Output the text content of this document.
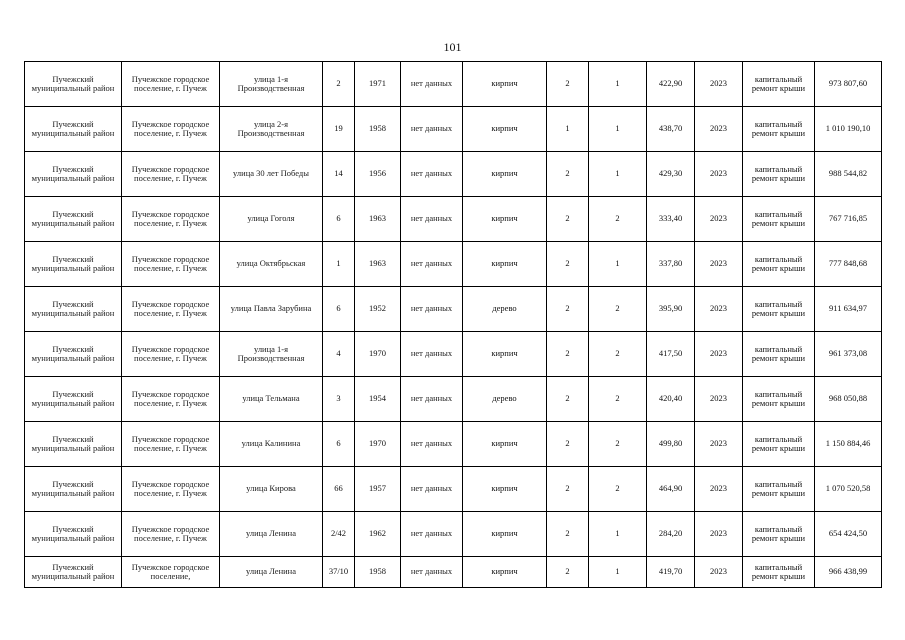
101
Пучежский муниципальный район	Пучежское городское поселение, г. Пучеж	улица 1-я Производственная	2	1971	нет данных	кирпич	2	1	422,90	2023	капитальный ремонт крыши	973 807,60
Пучежский муниципальный район	Пучежское городское поселение, г. Пучеж	улица 2-я Производственная	19	1958	нет данных	кирпич	1	1	438,70	2023	капитальный ремонт крыши	1 010 190,10
Пучежский муниципальный район	Пучежское городское поселение, г. Пучеж	улица 30 лет Победы	14	1956	нет данных	кирпич	2	1	429,30	2023	капитальный ремонт крыши	988 544,82
Пучежский муниципальный район	Пучежское городское поселение, г. Пучеж	улица Гоголя	6	1963	нет данных	кирпич	2	2	333,40	2023	капитальный ремонт крыши	767 716,85
Пучежский муниципальный район	Пучежское городское поселение, г. Пучеж	улица Октябрьская	1	1963	нет данных	кирпич	2	1	337,80	2023	капитальный ремонт крыши	777 848,68
Пучежский муниципальный район	Пучежское городское поселение, г. Пучеж	улица Павла Зарубина	6	1952	нет данных	дерево	2	2	395,90	2023	капитальный ремонт крыши	911 634,97
Пучежский муниципальный район	Пучежское городское поселение, г. Пучеж	улица 1-я Производственная	4	1970	нет данных	кирпич	2	2	417,50	2023	капитальный ремонт крыши	961 373,08
Пучежский муниципальный район	Пучежское городское поселение, г. Пучеж	улица Тельмана	3	1954	нет данных	дерево	2	2	420,40	2023	капитальный ремонт крыши	968 050,88
Пучежский муниципальный район	Пучежское городское поселение, г. Пучеж	улица Калинина	6	1970	нет данных	кирпич	2	2	499,80	2023	капитальный ремонт крыши	1 150 884,46
Пучежский муниципальный район	Пучежское городское поселение, г. Пучеж	улица Кирова	66	1957	нет данных	кирпич	2	2	464,90	2023	капитальный ремонт крыши	1 070 520,58
Пучежский муниципальный район	Пучежское городское поселение, г. Пучеж	улица Ленина	2/42	1962	нет данных	кирпич	2	1	284,20	2023	капитальный ремонт крыши	654 424,50
Пучежский муниципальный район	Пучежское городское поселение,	улица Ленина	37/10	1958	нет данных	кирпич	2	1	419,70	2023	капитальный ремонт крыши	966 438,99
